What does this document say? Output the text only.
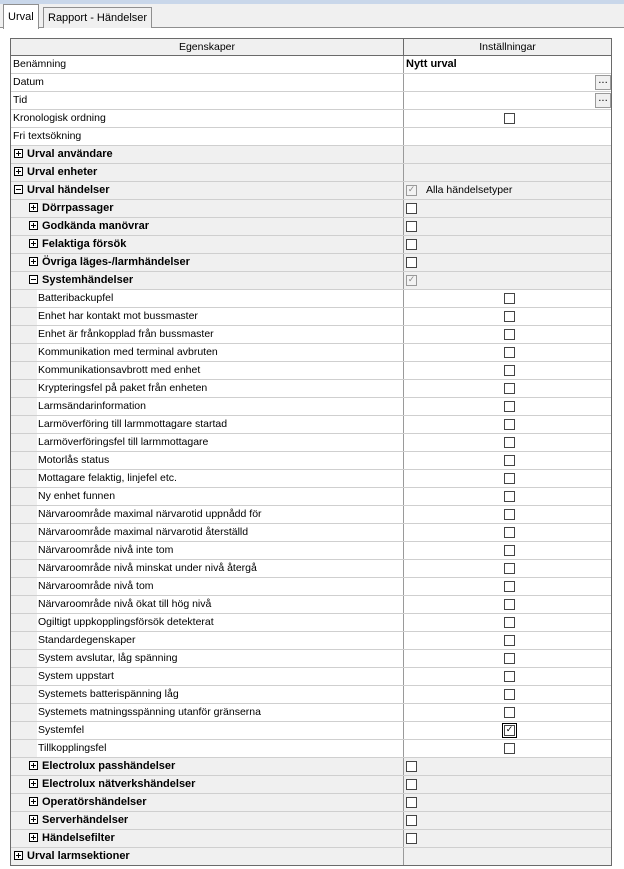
Urval	Rapport - Händelser
Egenskaper	Inställningar
Benämning	Nytt urval
Datum	...
Tid	...
Kronologisk ordning
Fri textsökning
Urval användare
Urval enheter
Urval händelser	✓ Alla händelsetyper
Dörrpassager
Godkända manövrar
Felaktiga försök
Övriga läges-/larmhändelser
Systemhändelser	✓
Batteribackupfel
Enhet har kontakt mot bussmaster
Enhet är frånkopplad från bussmaster
Kommunikation med terminal avbruten
Kommunikationsavbrott med enhet
Krypteringsfel på paket från enheten
Larmsändarinformation
Larmöverföring till larmmottagare startad
Larmöverföringsfel till larmmottagare
Motorlås status
Mottagare felaktig, linjefel etc.
Ny enhet funnen
Närvaroområde maximal närvarotid uppnådd för
Närvaroområde maximal närvarotid återställd
Närvaroområde nivå inte tom
Närvaroområde nivå minskat under nivå återgå
Närvaroområde nivå tom
Närvaroområde nivå ökat till hög nivå
Ogiltigt uppkopplingsförsök detekterat
Standardegenskaper
System avslutar, låg spänning
System uppstart
Systemets batterispänning låg
Systemets matningsspänning utanför gränserna
Systemfel	✓
Tillkopplingsfel
Electrolux passhändelser
Electrolux nätverkshändelser
Operatörshändelser
Serverhändelser
Händelsefilter
Urval larmsektioner
